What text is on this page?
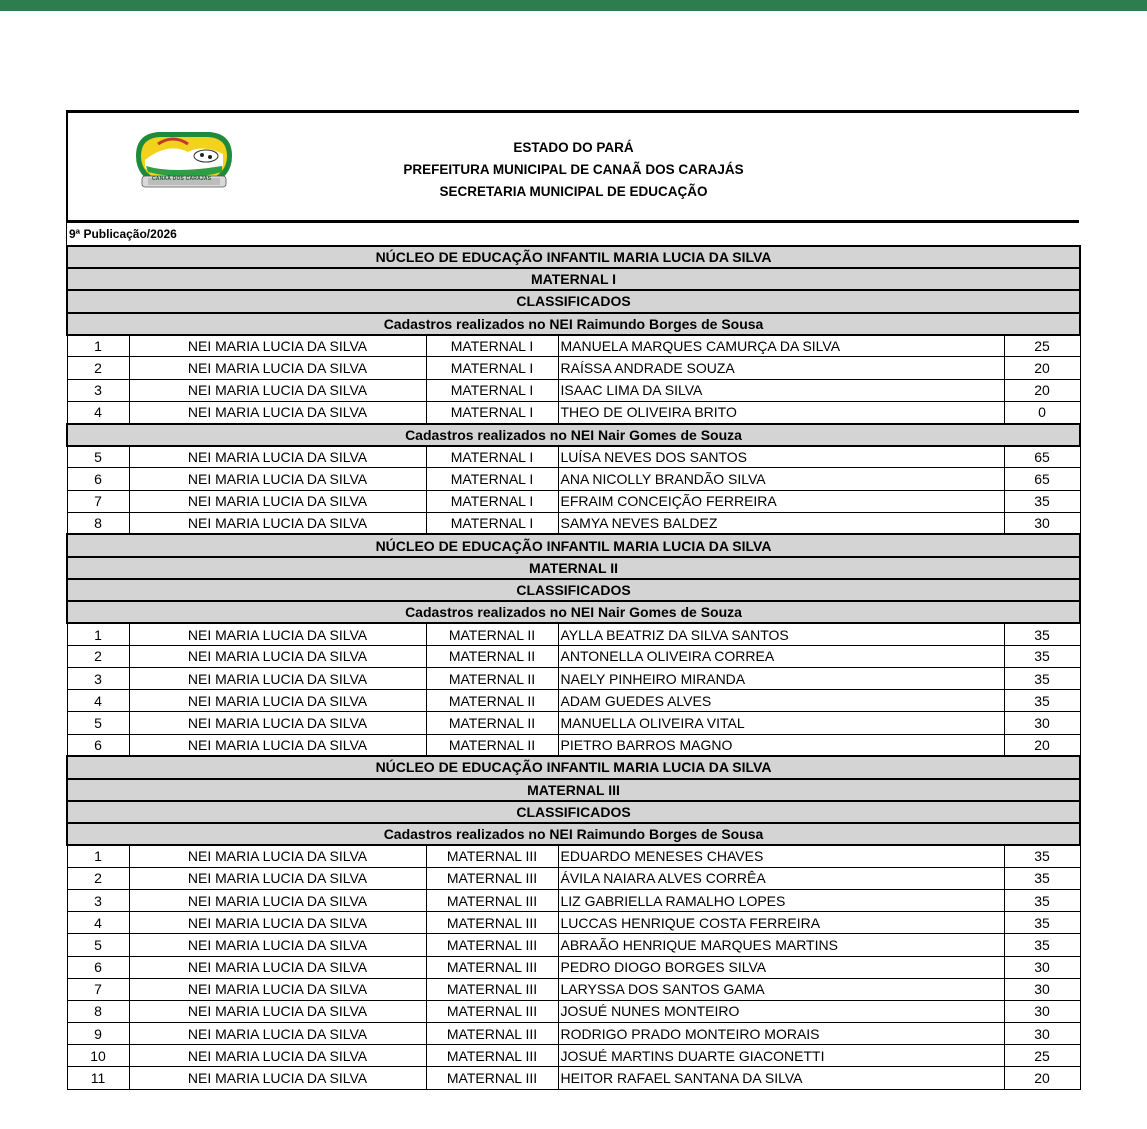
CANAÃ DOS CARAJÁS
ESTADO DO PARÁ
PREFEITURA MUNICIPAL DE CANAÃ DOS CARAJÁS
SECRETARIA MUNICIPAL DE EDUCAÇÃO
9ª Publicação/2026
NÚCLEO DE EDUCAÇÃO INFANTIL MARIA LUCIA DA SILVA				
MATERNAL I				
CLASSIFICADOS				
Cadastros realizados no NEI Raimundo Borges de Sousa				
1	NEI MARIA LUCIA DA SILVA	MATERNAL I	MANUELA MARQUES CAMURÇA DA SILVA	25
2	NEI MARIA LUCIA DA SILVA	MATERNAL I	RAÍSSA ANDRADE SOUZA	20
3	NEI MARIA LUCIA DA SILVA	MATERNAL I	ISAAC LIMA DA SILVA	20
4	NEI MARIA LUCIA DA SILVA	MATERNAL I	THEO DE OLIVEIRA BRITO	0
Cadastros realizados no NEI Nair Gomes de Souza				
5	NEI MARIA LUCIA DA SILVA	MATERNAL I	LUÍSA NEVES DOS SANTOS	65
6	NEI MARIA LUCIA DA SILVA	MATERNAL I	ANA NICOLLY BRANDÃO SILVA	65
7	NEI MARIA LUCIA DA SILVA	MATERNAL I	EFRAIM CONCEIÇÃO FERREIRA	35
8	NEI MARIA LUCIA DA SILVA	MATERNAL I	SAMYA NEVES BALDEZ	30
NÚCLEO DE EDUCAÇÃO INFANTIL MARIA LUCIA DA SILVA				
MATERNAL II				
CLASSIFICADOS				
Cadastros realizados no NEI Nair Gomes de Souza				
1	NEI MARIA LUCIA DA SILVA	MATERNAL II	AYLLA BEATRIZ DA SILVA SANTOS	35
2	NEI MARIA LUCIA DA SILVA	MATERNAL II	ANTONELLA OLIVEIRA CORREA	35
3	NEI MARIA LUCIA DA SILVA	MATERNAL II	NAELY PINHEIRO MIRANDA	35
4	NEI MARIA LUCIA DA SILVA	MATERNAL II	ADAM GUEDES ALVES	35
5	NEI MARIA LUCIA DA SILVA	MATERNAL II	MANUELLA OLIVEIRA VITAL	30
6	NEI MARIA LUCIA DA SILVA	MATERNAL II	PIETRO BARROS MAGNO	20
NÚCLEO DE EDUCAÇÃO INFANTIL MARIA LUCIA DA SILVA				
MATERNAL III				
CLASSIFICADOS				
Cadastros realizados no NEI Raimundo Borges de Sousa				
1	NEI MARIA LUCIA DA SILVA	MATERNAL III	EDUARDO MENESES CHAVES	35
2	NEI MARIA LUCIA DA SILVA	MATERNAL III	ÁVILA NAIARA ALVES CORRÊA	35
3	NEI MARIA LUCIA DA SILVA	MATERNAL III	LIZ GABRIELLA RAMALHO LOPES	35
4	NEI MARIA LUCIA DA SILVA	MATERNAL III	LUCCAS HENRIQUE COSTA FERREIRA	35
5	NEI MARIA LUCIA DA SILVA	MATERNAL III	ABRAÃO HENRIQUE MARQUES MARTINS	35
6	NEI MARIA LUCIA DA SILVA	MATERNAL III	PEDRO DIOGO BORGES SILVA	30
7	NEI MARIA LUCIA DA SILVA	MATERNAL III	LARYSSA DOS SANTOS GAMA	30
8	NEI MARIA LUCIA DA SILVA	MATERNAL III	JOSUÉ NUNES MONTEIRO	30
9	NEI MARIA LUCIA DA SILVA	MATERNAL III	RODRIGO PRADO MONTEIRO MORAIS	30
10	NEI MARIA LUCIA DA SILVA	MATERNAL III	JOSUÉ MARTINS DUARTE GIACONETTI	25
11	NEI MARIA LUCIA DA SILVA	MATERNAL III	HEITOR RAFAEL SANTANA DA SILVA	20
